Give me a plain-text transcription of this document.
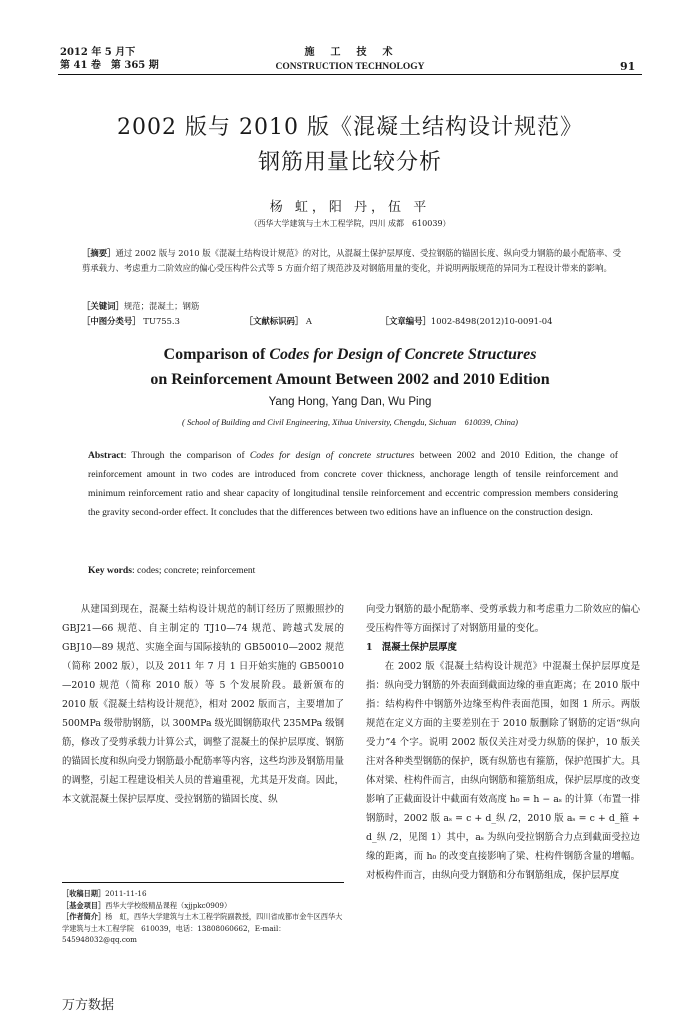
2012 年 5 月下
第 41 卷　第 365 期
施　工　技　术
CONSTRUCTION TECHNOLOGY	91
2002 版与 2010 版《混凝土结构设计规范》
钢筋用量比较分析
杨 虹，阳 丹，伍 平
（西华大学建筑与土木工程学院，四川 成都　610039）
［摘要］通过 2002 版与 2010 版《混凝土结构设计规范》的对比，从混凝土保护层厚度、受拉钢筋的锚固长度、纵向受力钢筋的最小配筋率、受剪承载力、考虑重力二阶效应的偏心受压构件公式等 5 方面介绍了规范涉及对钢筋用量的变化，并说明两版规范的异同为工程设计带来的影响。
［关键词］规范；混凝土；钢筋
［中图分类号］ TU755.3	［文献标识码］ A	［文章编号］1002-8498(2012)10-0091-04
Comparison of Codes for Design of Concrete Structures
on Reinforcement Amount Between 2002 and 2010 Edition
Yang Hong, Yang Dan, Wu Ping
( School of Building and Civil Engineering, Xihua University, Chengdu, Sichuan　610039, China)
Abstract: Through the comparison of Codes for design of concrete structures between 2002 and 2010 Edition, the change of reinforcement amount in two codes are introduced from concrete cover thickness, anchorage length of tensile reinforcement and minimum reinforcement ratio and shear capacity of longitudinal tensile reinforcement and eccentric compression members considering the gravity second-order effect. It concludes that the differences between two editions have an influence on the construction design.
Key words: codes; concrete; reinforcement

从建国到现在，混凝土结构设计规范的制订经历了照搬照抄的 GBJ21—66 规范、自主制定的 TJ10—74 规范、跨越式发展的 GBJ10—89 规范、实施全面与国际接轨的 GB50010—2002 规范（简称 2002 版），以及 2011 年 7 月 1 日开始实施的 GB50010—2010 规范（简称 2010 版）等 5 个发展阶段。最新颁布的 2010 版《混凝土结构设计规范》，相对 2002 版而言，主要增加了 500MPa 级带肋钢筋，以 300MPa 级光圆钢筋取代 235MPa 级钢筋，修改了受剪承载力计算公式，调整了混凝土的保护层厚度、钢筋的锚固长度和纵向受力钢筋最小配筋率等内容，这些均涉及钢筋用量的调整，引起工程建设相关人员的普遍重视，尤其是开发商。因此，本文就混凝土保护层厚度、受拉钢筋的锚固长度、纵

［收稿日期］2011-11-16
［基金项目］西华大学校级精品课程（xjjpkc0909）
［作者简介］杨　虹，西华大学建筑与土木工程学院副教授，四川省成都市金牛区西华大学建筑与土木工程学院　610039，电话：13808060662，E-mail：545948032@qq.com

向受力钢筋的最小配筋率、受剪承载力和考虑重力二阶效应的偏心受压构件等方面探讨了对钢筋用量的变化。

1　混凝土保护层厚度

在 2002 版《混凝土结构设计规范》中混凝土保护层厚度是指：纵向受力钢筋的外表面到截面边缘的垂直距离；在 2010 版中指：结构构件中钢筋外边缘至构件表面范围，如图 1 所示。两版规范在定义方面的主要差别在于 2010 版删除了钢筋的定语“纵向受力”4 个字。说明 2002 版仅关注对受力纵筋的保护，10 版关注对各种类型钢筋的保护，既有纵筋也有箍筋，保护范围扩大。具体对梁、柱构件而言，由纵向钢筋和箍筋组成，保护层厚度的改变影响了正截面设计中截面有效高度 h₀ = h − aₛ 的计算（布置一排钢筋时，2002 版 aₛ = c + d_纵 /2，2010 版 aₛ = c + d_箍 + d_纵 /2，见图 1）其中，aₛ 为纵向受拉钢筋合力点到截面受拉边缘的距离，而 h₀ 的改变直接影响了梁、柱构件钢筋含量的增幅。对板构件而言，由纵向受力钢筋和分布钢筋组成，保护层厚度

万方数据
